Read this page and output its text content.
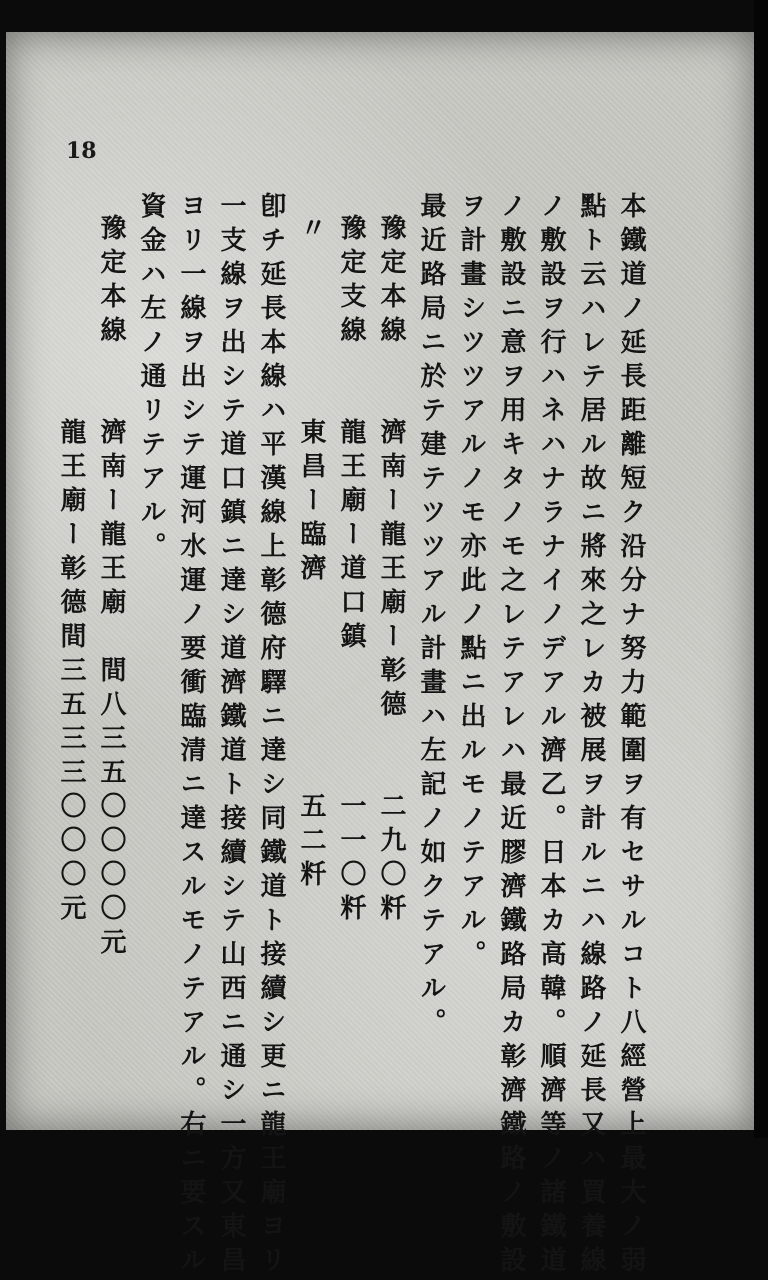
18
本鐵道ノ延長距離短ク沿分ナ努力範圍ヲ有セサルコト八經營上最大ノ弱
點ト云ハレテ居ル故ニ將來之レカ被展ヲ計ルニハ線路ノ延長又ハ買養線
ノ敷設ヲ行ハネハナラナイノデアル濟乙。日本カ高韓。順濟等ノ諸鐵道
ノ敷設ニ意ヲ用キタノモ之レテアレハ最近膠濟鐵路局カ彰濟鐵路ノ敷設
ヲ計畫シツツアルノモ亦此ノ點ニ出ルモノテアル。
最近路局ニ於テ建テツツアル計畫ハ左記ノ如クテアル。
豫定本線　　濟南ー龍王廟ー彰德　　二九〇粁
豫定支線　　龍王廟ー道口鎮　　　　一一〇粁
〃　　　　　東昌ー臨濟　　　　　　五二粁
卽チ延長本線ハ平漢線上彰德府驛ニ達シ同鐵道ト接續シ更ニ龍王廟ヨリ
一支線ヲ出シテ道口鎮ニ達シ道濟鐵道ト接續シテ山西ニ通シ一方又東昌
ヨリ一線ヲ出シテ運河水運ノ要衝臨清ニ達スルモノテアル。右ニ要スル
資金ハ左ノ通リテアル。
豫定本線　　濟南ー龍王廟　間八三五〇〇〇〇元
　　　　　　龍王廟ー彰德間三五三三〇〇〇元
